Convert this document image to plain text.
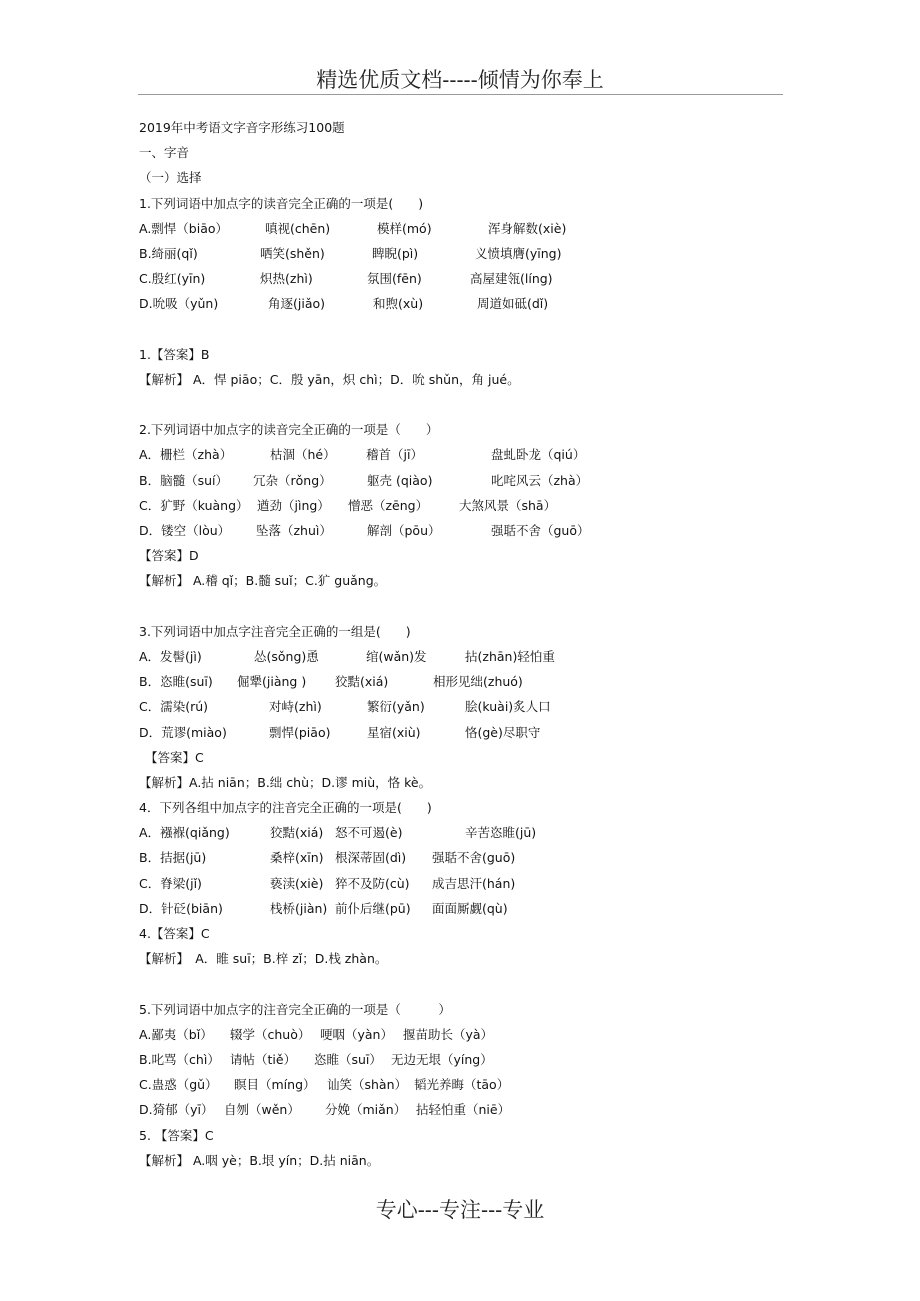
精选优质文档-----倾情为你奉上
2019年中考语文字音字形练习100题
一、字音
（一）选择
1.下列词语中加点字的读音完全正确的一项是(　　)
A.剽悍（biāo）	嗔视(chēn)	模样(mó)	浑身解数(xiè)
B.绮丽(qǐ)	哂笑(shěn)	睥睨(pì)	义愤填膺(yīng)
C.殷红(yīn)	炽热(zhì)	氛围(fēn)	高屋建瓴(líng)
D.吮吸（yǔn)	角逐(jiǎo)	和煦(xù)	周道如砥(dǐ)
1.【答案】B
【解析】 A．悍 piāo；C．殷 yān，炽 chì；D．吮 shǔn，角 jué。
2.下列词语中加点字的读音完全正确的一项是（　　）
A．栅栏（zhà）	枯涸（hé） 稽首（jī）	盘虬卧龙（qiú）
B．脑髓（suí） 冗杂（rǒng）	躯壳 (qiào)	叱咤风云（zhà）
C．犷野（kuàng） 遒劲（jìng） 憎恶（zēng） 大煞风景（shā）
D．镂空（lòu） 坠落（zhuì）	解剖（pōu）	强聒不舍（guō）
【答案】D
【解析】 A.稽 qǐ；B.髓 suǐ；C.犷 guǎng。
3.下列词语中加点字注音完全正确的一组是(　　)
A．发髻(jì)	怂(sǒng)恿	绾(wǎn)发	拈(zhān)轻怕重
B．恣睢(suī) 倔犟(jiàng ) 狡黠(xiá)	相形见绌(zhuó)
C．濡染(rú)	对峙(zhì)	繁衍(yǎn)	脍(kuài)炙人口
D．荒谬(miào)	剽悍(piāo)	星宿(xiù)	恪(gè)尽职守
【答案】C
【解析】A.拈 niān；B.绌 chù；D.谬 miù，恪 kè。
4．下列各组中加点字的注音完全正确的一项是(　　)
A．襁褓(qiǎng)	狡黠(xiá) 怒不可遏(è)	辛苦恣睢(jū)
B．拮据(jū)	桑梓(xīn) 根深蒂固(dì) 强聒不舍(guō)
C．脊梁(jǐ)	亵渎(xiè) 猝不及防(cù) 成吉思汗(hán)
D．针砭(biān)	栈桥(jiàn) 前仆后继(pū) 面面厮觑(qù)
4.【答案】C
【解析】　A．睢 suī；B.梓 zǐ；D.栈 zhàn。
5.下列词语中加点字的注音完全正确的一项是（　　　）
A.鄙夷（bǐ） 辍学（chuò） 哽咽（yàn） 揠苗助长（yà）
B.叱骂（chì） 请帖（tiě） 恣睢（suī） 无边无垠（yíng）
C.蛊惑（gǔ） 瞑目（míng） 讪笑（shàn） 韬光养晦（tāo）
D.猗郁（yī） 自刎（wěn） 分娩（miǎn） 拈轻怕重（niē）
5. 【答案】C
【解析】 A.咽 yè；B.垠 yín；D.拈 niān。
专心---专注---专业
